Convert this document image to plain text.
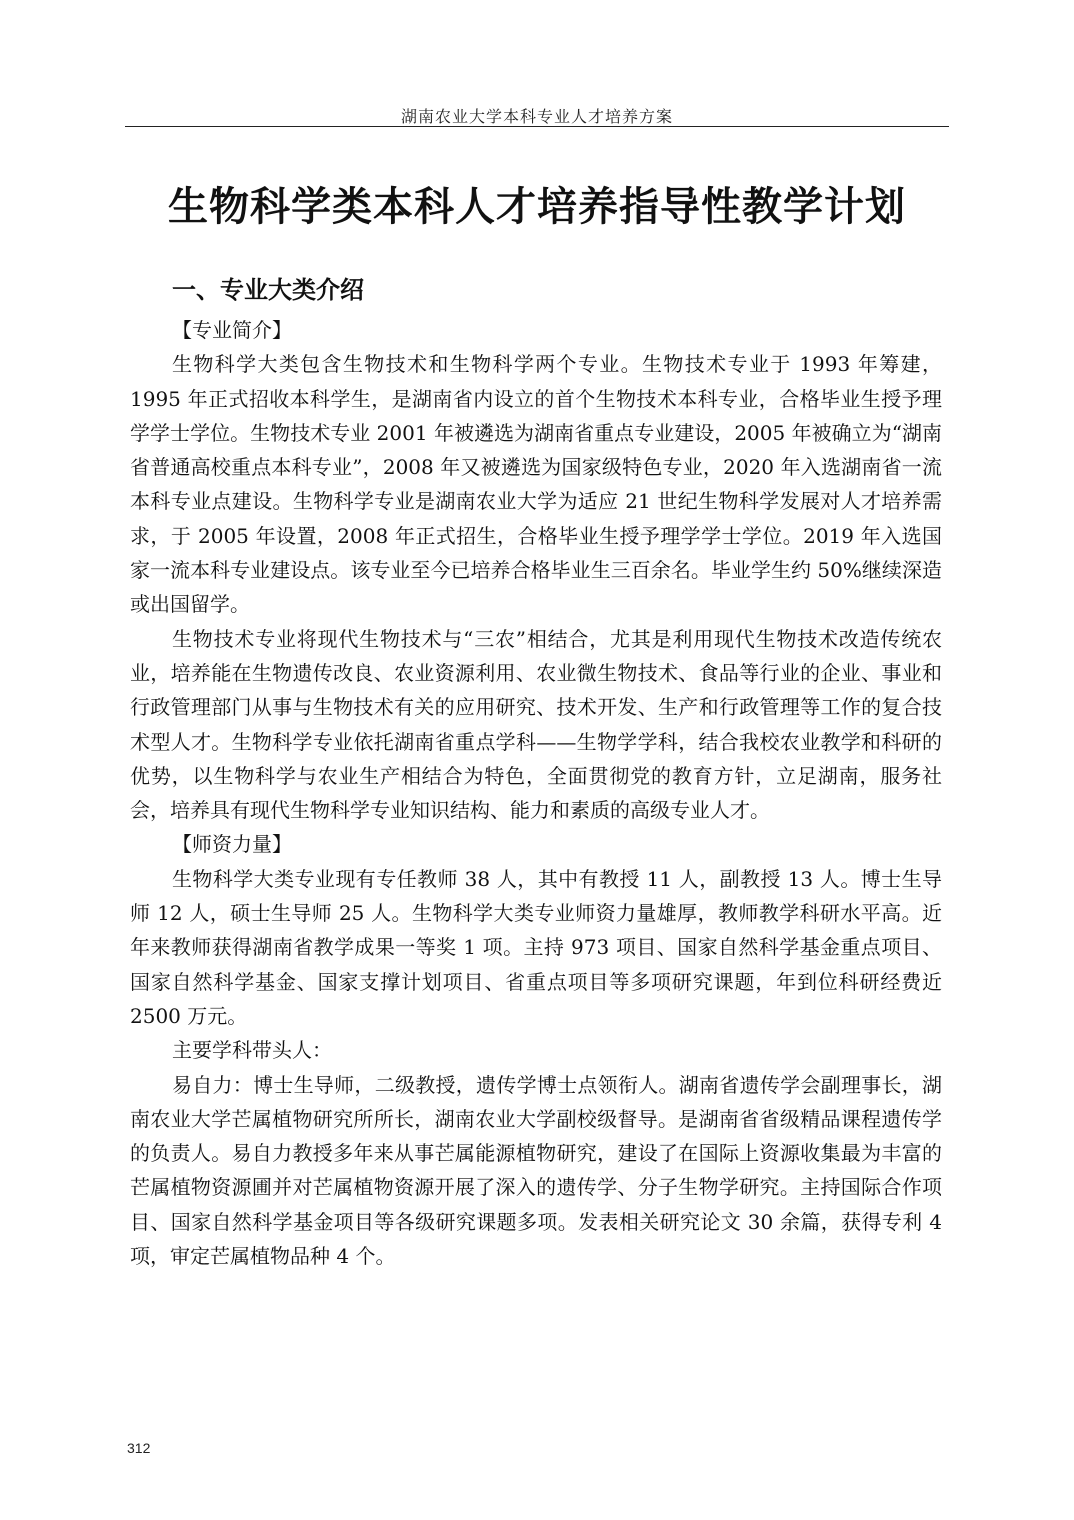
湖南农业大学本科专业人才培养方案
生物科学类本科人才培养指导性教学计划
一、专业大类介绍

【专业简介】

生物科学大类包含生物技术和生物科学两个专业。生物技术专业于 1993 年筹建，1995 年正式招收本科学生，是湖南省内设立的首个生物技术本科专业，合格毕业生授予理学学士学位。生物技术专业 2001 年被遴选为湖南省重点专业建设，2005 年被确立为“湖南省普通高校重点本科专业”，2008 年又被遴选为国家级特色专业，2020 年入选湖南省一流本科专业点建设。生物科学专业是湖南农业大学为适应 21 世纪生物科学发展对人才培养需求，于 2005 年设置，2008 年正式招生，合格毕业生授予理学学士学位。2019 年入选国家一流本科专业建设点。该专业至今已培养合格毕业生三百余名。毕业学生约 50%继续深造或出国留学。

生物技术专业将现代生物技术与“三农”相结合，尤其是利用现代生物技术改造传统农业，培养能在生物遗传改良、农业资源利用、农业微生物技术、食品等行业的企业、事业和行政管理部门从事与生物技术有关的应用研究、技术开发、生产和行政管理等工作的复合技术型人才。生物科学专业依托湖南省重点学科——生物学学科，结合我校农业教学和科研的优势，以生物科学与农业生产相结合为特色，全面贯彻党的教育方针，立足湖南，服务社会，培养具有现代生物科学专业知识结构、能力和素质的高级专业人才。

【师资力量】

生物科学大类专业现有专任教师 38 人，其中有教授 11 人，副教授 13 人。博士生导师 12 人，硕士生导师 25 人。生物科学大类专业师资力量雄厚，教师教学科研水平高。近年来教师获得湖南省教学成果一等奖 1 项。主持 973 项目、国家自然科学基金重点项目、国家自然科学基金、国家支撑计划项目、省重点项目等多项研究课题，年到位科研经费近 2500 万元。

主要学科带头人：

易自力：博士生导师，二级教授，遗传学博士点领衔人。湖南省遗传学会副理事长，湖南农业大学芒属植物研究所所长，湖南农业大学副校级督导。是湖南省省级精品课程遗传学的负责人。易自力教授多年来从事芒属能源植物研究，建设了在国际上资源收集最为丰富的芒属植物资源圃并对芒属植物资源开展了深入的遗传学、分子生物学研究。主持国际合作项目、国家自然科学基金项目等各级研究课题多项。发表相关研究论文 30 余篇，获得专利 4 项，审定芒属植物品种 4 个。

312
